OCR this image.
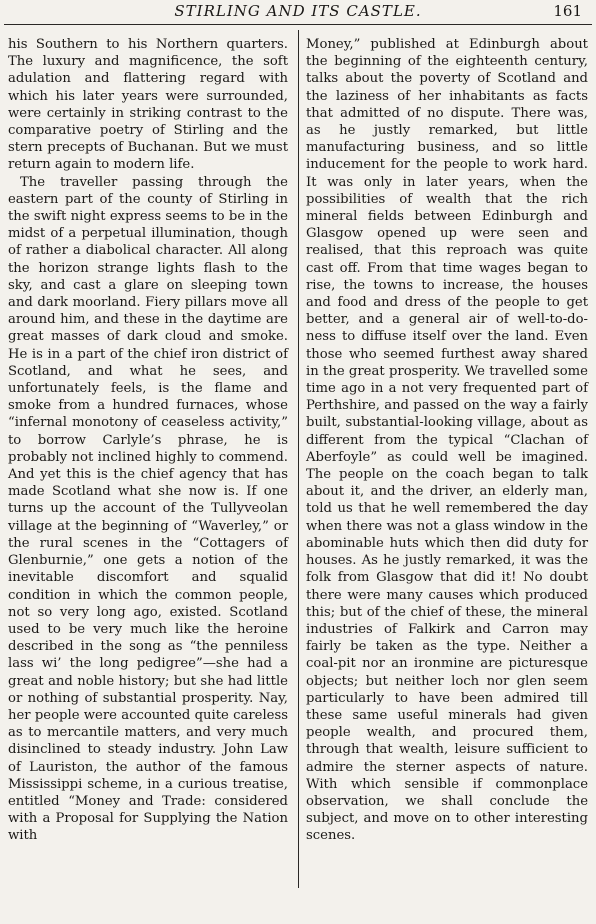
STIRLING AND ITS CASTLE.	161

his Southern to his Northern quarters. The luxury and magnificence, the soft adulation and flattering regard with which his later years were surrounded, were certainly in striking contrast to the comparative poetry of Stirling and the stern precepts of Buchanan. But we must return again to modern life.

The traveller passing through the eastern part of the county of Stirling in the swift night express seems to be in the midst of a perpetual illumination, though of rather a diabolical character. All along the horizon strange lights flash to the sky, and cast a glare on sleeping town and dark moorland. Fiery pillars move all around him, and these in the daytime are great masses of dark cloud and smoke. He is in a part of the chief iron district of Scotland, and what he sees, and unfortunately feels, is the flame and smoke from a hundred furnaces, whose “infernal monotony of ceaseless activity,” to borrow Carlyle’s phrase, he is probably not inclined highly to commend. And yet this is the chief agency that has made Scotland what she now is. If one turns up the account of the Tullyveolan village at the beginning of “Waverley,” or the rural scenes in the “Cottagers of Glenburnie,” one gets a notion of the inevitable discomfort and squalid condition in which the common people, not so very long ago, existed. Scotland used to be very much like the heroine described in the song as “the penniless lass wi’ the long pedigree”—she had a great and noble history; but she had little or nothing of substantial prosperity. Nay, her people were accounted quite careless as to mercantile matters, and very much disinclined to steady industry. John Law of Lauriston, the author of the famous Mississippi scheme, in a curious treatise, entitled “Money and Trade: considered with a Proposal for Supplying the Nation with

Money,” published at Edinburgh about the beginning of the eighteenth century, talks about the poverty of Scotland and the laziness of her inhabitants as facts that admitted of no dispute. There was, as he justly remarked, but little manufacturing business, and so little inducement for the people to work hard. It was only in later years, when the possibilities of wealth that the rich mineral fields between Edinburgh and Glasgow opened up were seen and realised, that this reproach was quite cast off. From that time wages began to rise, the towns to increase, the houses and food and dress of the people to get better, and a general air of well-to-do-ness to diffuse itself over the land. Even those who seemed furthest away shared in the great prosperity. We travelled some time ago in a not very frequented part of Perthshire, and passed on the way a fairly built, substantial-looking village, about as different from the typical “Clachan of Aberfoyle” as could well be imagined. The people on the coach began to talk about it, and the driver, an elderly man, told us that he well remembered the day when there was not a glass window in the abominable huts which then did duty for houses. As he justly remarked, it was the folk from Glasgow that did it! No doubt there were many causes which produced this; but of the chief of these, the mineral industries of Falkirk and Carron may fairly be taken as the type. Neither a coal-pit nor an ironmine are picturesque objects; but neither loch nor glen seem particularly to have been admired till these same useful minerals had given people wealth, and procured them, through that wealth, leisure sufficient to admire the sterner aspects of nature. With which sensible if commonplace observation, we shall conclude the subject, and move on to other interesting scenes.
